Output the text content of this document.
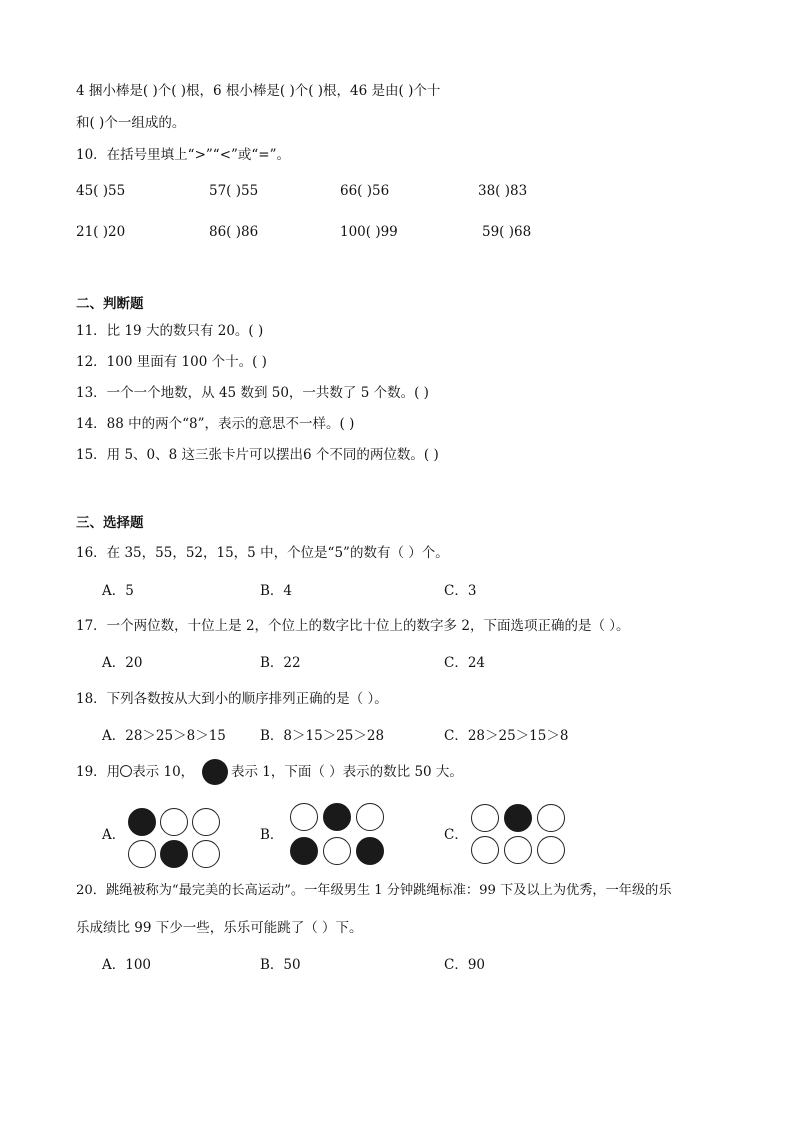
4 捆小棒是( )个( )根，6 根小棒是( )个( )根，46 是由( )个十
和( )个一组成的。
10．在括号里填上“>”“<”或“=”。
45( )55	57( )55	66( )56	38( )83
21( )20	86( )86	100( )99	59( )68
二、判断题
11．比 19 大的数只有 20。( )
12．100 里面有 100 个十。( )
13．一个一个地数，从 45 数到 50，一共数了 5 个数。( )
14．88 中的两个“8”，表示的意思不一样。( )
15．用 5、0、8 这三张卡片可以摆出6 个不同的两位数。( )
三、选择题
16．在 35，55，52，15，5 中，个位是“5”的数有（ ）个。
A．5	B．4	C．3
17．一个两位数，十位上是 2，个位上的数字比十位上的数字多 2，下面选项正确的是（ ）。
A．20	B．22	C．24
18．下列各数按从大到小的顺序排列正确的是（ ）。
A．28＞25＞8＞15	B．8＞15＞25＞28	C．28＞25＞15＞8
19．用 表示 10，	表示 1，下面（ ）表示的数比 50 大。
A．	B．	C．
20．跳绳被称为“最完美的长高运动”。一年级男生 1 分钟跳绳标准：99 下及以上为优秀，一年级的乐
乐成绩比 99 下少一些，乐乐可能跳了（ ）下。
A．100	B．50	C．90
